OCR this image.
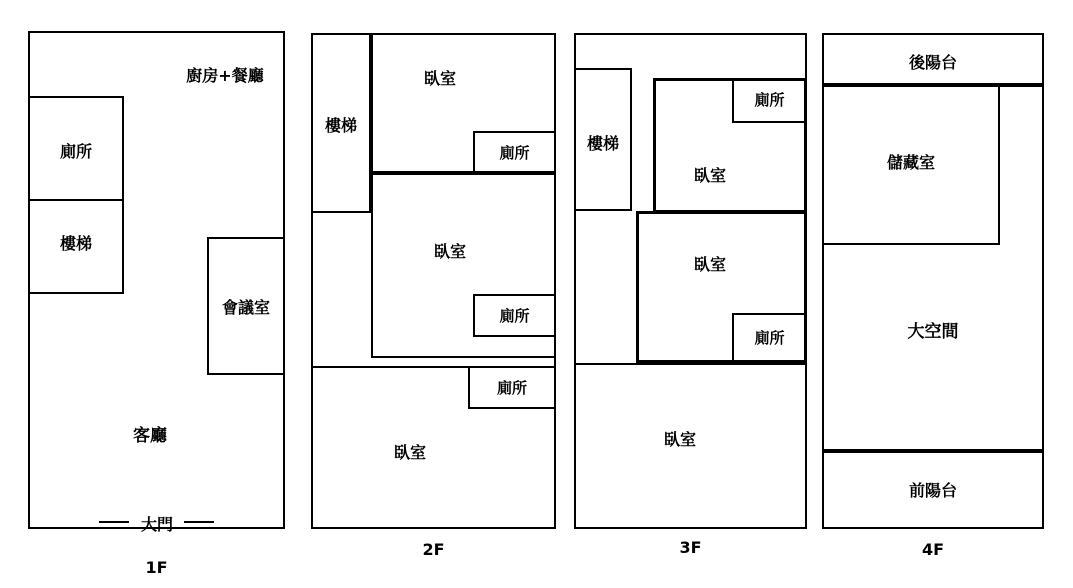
廚房+餐廳
廁所
樓梯
會議室
客廳
大門
1F
樓梯
臥室
廁所
臥室
廁所
廁所
臥室
2F
樓梯
廁所
臥室
臥室
廁所
臥室
3F
後陽台
儲藏室
大空間
前陽台
4F
